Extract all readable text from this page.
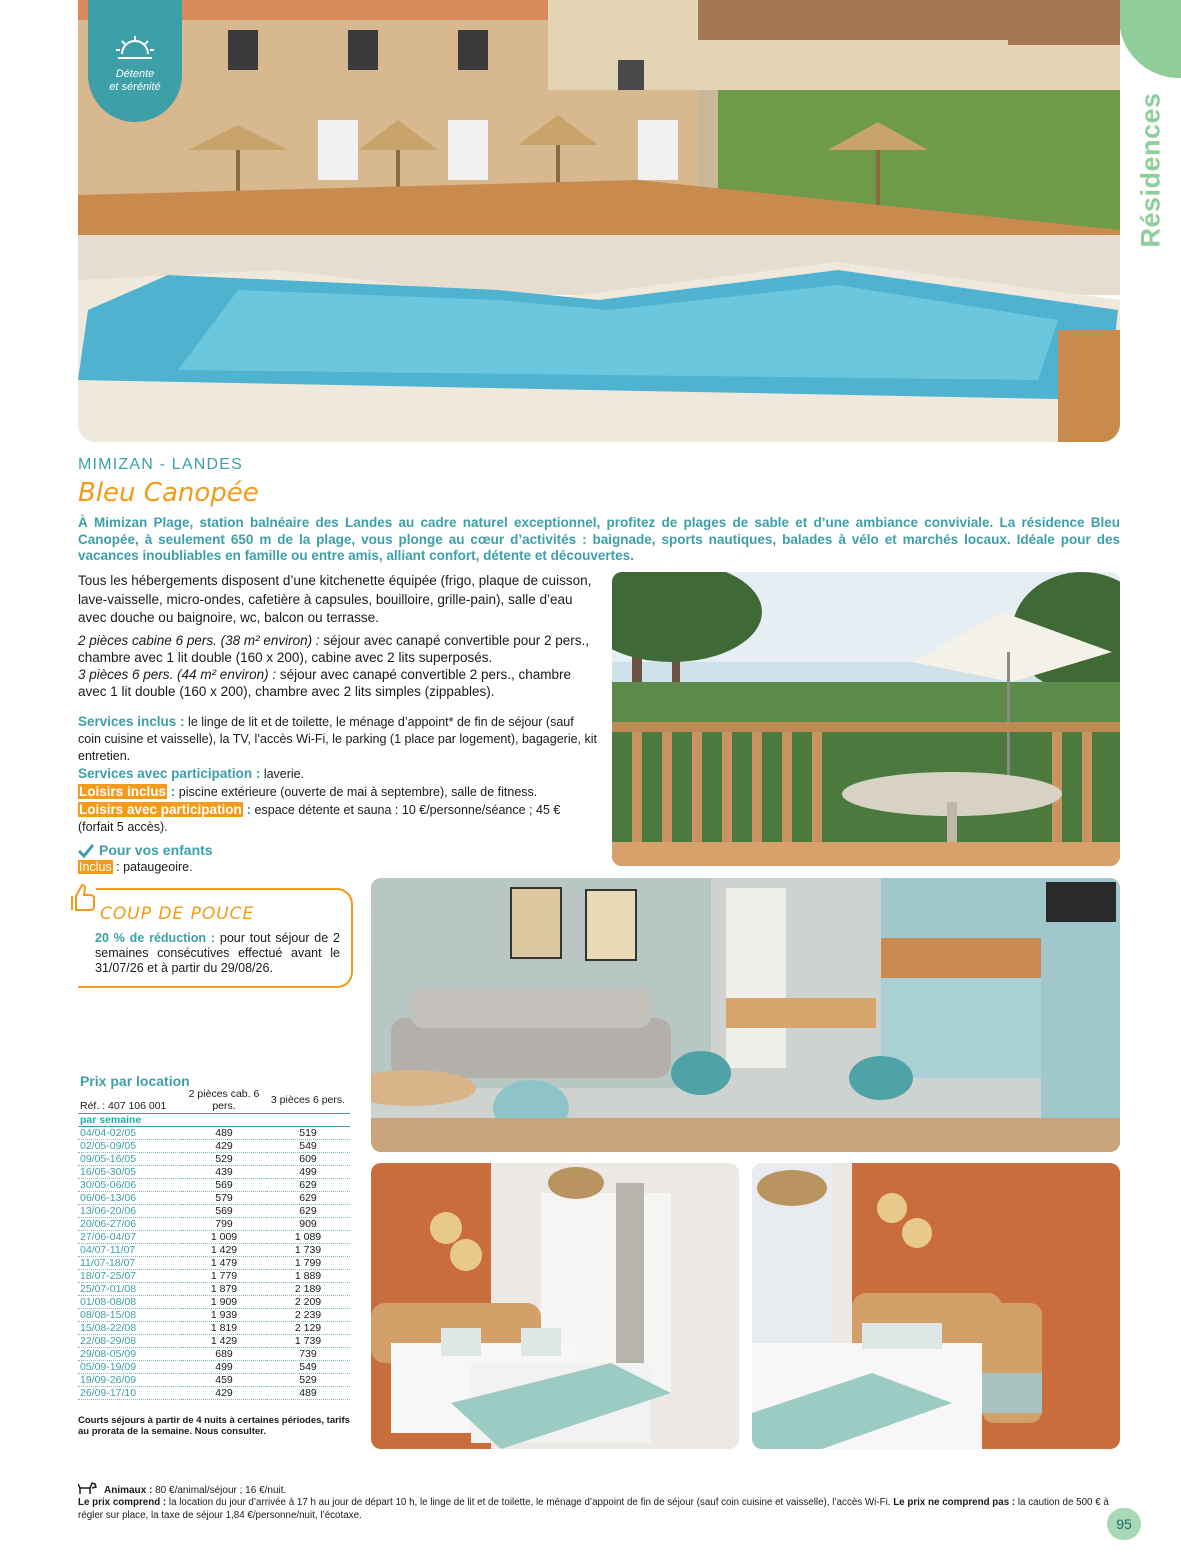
Résidences
Détente
et sérénité
MIMIZAN - LANDES
Bleu Canopée
À Mimizan Plage, station balnéaire des Landes au cadre naturel exceptionnel, profitez de plages de sable et d’une ambiance conviviale. La résidence Bleu Canopée, à seulement 650 m de la plage, vous plonge au cœur d’activités : baignade, sports nautiques, balades à vélo et marchés locaux. Idéale pour des vacances inoubliables en famille ou entre amis, alliant confort, détente et découvertes.
Tous les hébergements disposent d’une kitchenette équipée (frigo, plaque de cuisson, lave-vaisselle, micro-ondes, cafetière à capsules, bouilloire, grille-pain), salle d’eau avec douche ou baignoire, wc, balcon ou terrasse.

2 pièces cabine 6 pers. (38 m² environ) : séjour avec canapé convertible pour 2 pers., chambre avec 1 lit double (160 x 200), cabine avec 2 lits superposés.

3 pièces 6 pers. (44 m² environ) : séjour avec canapé convertible 2 pers., chambre avec 1 lit double (160 x 200), chambre avec 2 lits simples (zippables).

Services inclus : le linge de lit et de toilette, le ménage d’appoint* de fin de séjour (sauf coin cuisine et vaisselle), la TV, l’accès Wi-Fi, le parking (1 place par logement), bagagerie, kit entretien.

Services avec participation : laverie.

Loisirs inclus : piscine extérieure (ouverte de mai à septembre), salle de fitness.

Loisirs avec participation : espace détente et sauna : 10 €/personne/séance ; 45 € (forfait 5 accès).

Pour vos enfants

Inclus : pataugeoire.

COUP DE POUCE
20 % de réduction : pour tout séjour de 2 semaines consécutives effectué avant le 31/07/26 et à partir du 29/08/26.
Prix par location
Réf. : 407 106 001	2 pièces cab. 6 pers.	3 pièces 6 pers.
par semaine		
04/04-02/05	489	519
02/05-09/05	429	549
09/05-16/05	529	609
16/05-30/05	439	499
30/05-06/06	569	629
06/06-13/06	579	629
13/06-20/06	569	629
20/06-27/06	799	909
27/06-04/07	1 009	1 089
04/07-11/07	1 429	1 739
11/07-18/07	1 479	1 799
18/07-25/07	1 779	1 889
25/07-01/08	1 879	2 189
01/08-08/08	1 909	2 209
08/08-15/08	1 939	2 239
15/08-22/08	1 819	2 129
22/08-29/08	1 429	1 739
29/08-05/09	689	739
05/09-19/09	499	549
19/09-26/09	459	529
26/09-17/10	429	489
Courts séjours à partir de 4 nuits à certaines périodes, tarifs au prorata de la semaine. Nous consulter.
Animaux : 80 €/animal/séjour ; 16 €/nuit.
Le prix comprend : la location du jour d’arrivée à 17 h au jour de départ 10 h, le linge de lit et de toilette, le ménage d’appoint de fin de séjour (sauf coin cuisine et vaisselle), l’accès Wi-Fi. Le prix ne comprend pas : la caution de 500 € à régler sur place, la taxe de séjour 1,84 €/personne/nuit, l’écotaxe.
95
